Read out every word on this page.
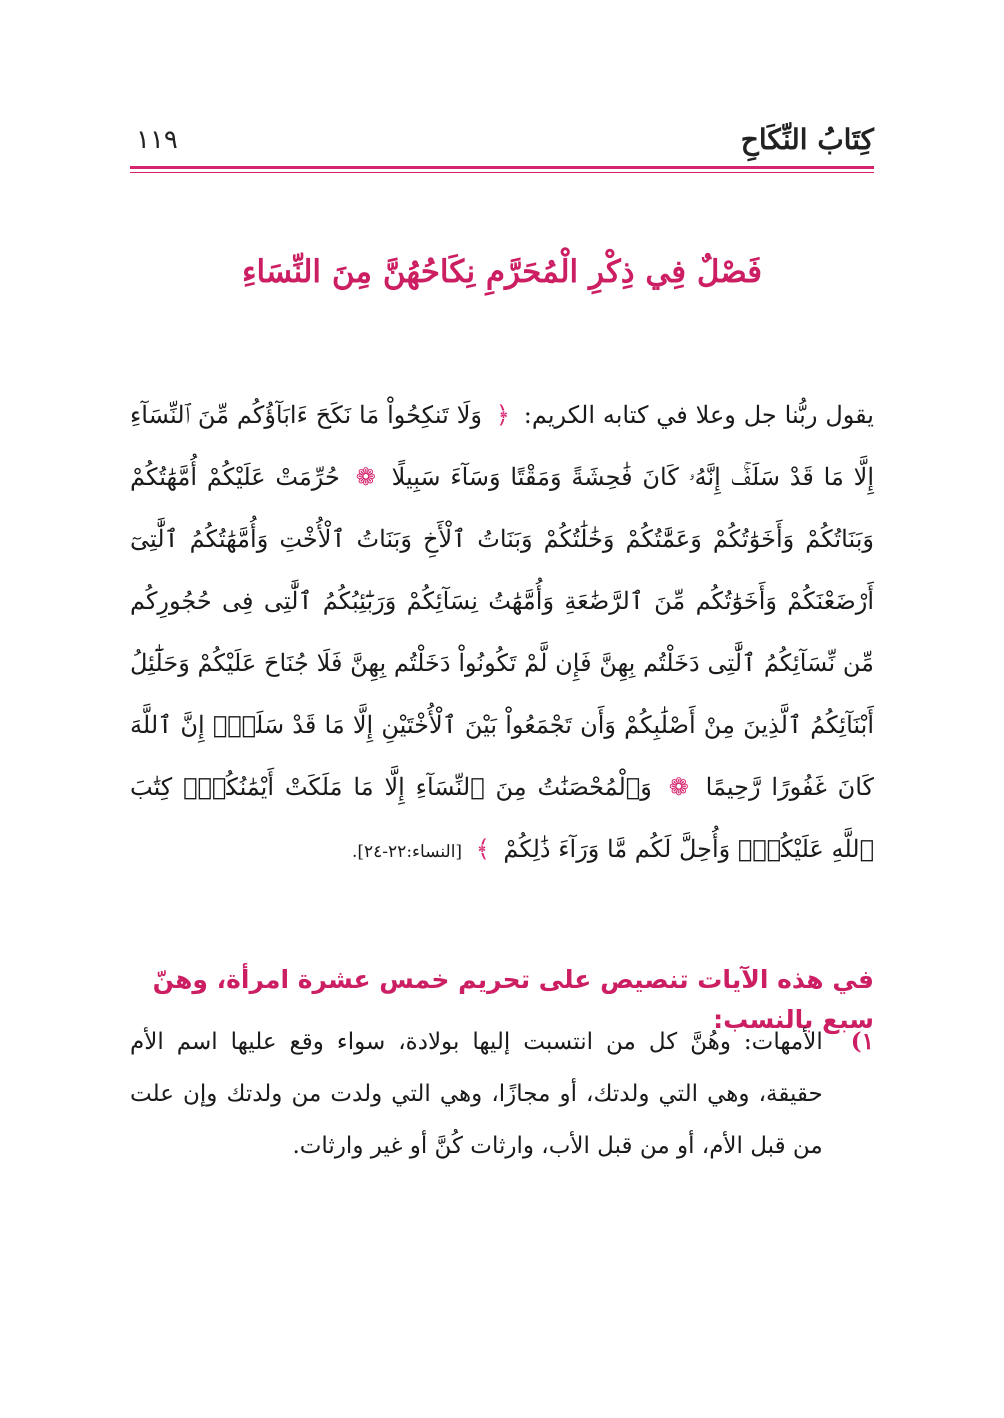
كِتَابُ النِّكَاحِ
١١٩
فَصْلٌ فِي ذِكْرِ الْمُحَرَّمِ نِكَاحُهُنَّ مِنَ النِّسَاءِ
يقول ربُّنا جل وعلا في كتابه الكريم: ﴿ وَلَا تَنكِحُواْ مَا نَكَحَ ءَابَآؤُكُم مِّنَ ٱلنِّسَآءِ إِلَّا مَا قَدْ سَلَفَۚ إِنَّهُۥ كَانَ فَٰحِشَةً وَمَقْتًا وَسَآءَ سَبِيلًا ❁ حُرِّمَتْ عَلَيْكُمْ أُمَّهَٰتُكُمْ وَبَنَاتُكُمْ وَأَخَوَٰتُكُمْ وَعَمَّٰتُكُمْ وَخَٰلَٰتُكُمْ وَبَنَاتُ ٱلْأَخِ وَبَنَاتُ ٱلْأُخْتِ وَأُمَّهَٰتُكُمُ ٱلَّٰتِىٓ أَرْضَعْنَكُمْ وَأَخَوَٰتُكُم مِّنَ ٱلرَّضَٰعَةِ وَأُمَّهَٰتُ نِسَآئِكُمْ وَرَبَٰٓئِبُكُمُ ٱلَّٰتِى فِى حُجُورِكُم مِّن نِّسَآئِكُمُ ٱلَّٰتِى دَخَلْتُم بِهِنَّ فَإِن لَّمْ تَكُونُواْ دَخَلْتُم بِهِنَّ فَلَا جُنَاحَ عَلَيْكُمْ وَحَلَٰٓئِلُ أَبْنَآئِكُمُ ٱلَّذِينَ مِنْ أَصْلَٰبِكُمْ وَأَن تَجْمَعُواْ بَيْنَ ٱلْأُخْتَيْنِ إِلَّا مَا قَدْ سَلَفَۗ إِنَّ ٱللَّهَ كَانَ غَفُورًا رَّحِيمًا ❁ وَٱلْمُحْصَنَٰتُ مِنَ ٱلنِّسَآءِ إِلَّا مَا مَلَكَتْ أَيْمَٰنُكُمْۖ كِتَٰبَ ٱللَّهِ عَلَيْكُمْۚ وَأُحِلَّ لَكُم مَّا وَرَآءَ ذَٰلِكُمْ ﴾ [النساء:٢٢-٢٤].
في هذه الآيات تنصيص على تحريم خمس عشرة امرأة، وهنّ سبع بالنسب:
١)
الأمهات: وهُنَّ كل من انتسبت إليها بولادة، سواء وقع عليها اسم الأم حقيقة، وهي التي ولدتك، أو مجازًا، وهي التي ولدت من ولدتك وإن علت من قبل الأم، أو من قبل الأب، وارثات كُنَّ أو غير وارثات.
